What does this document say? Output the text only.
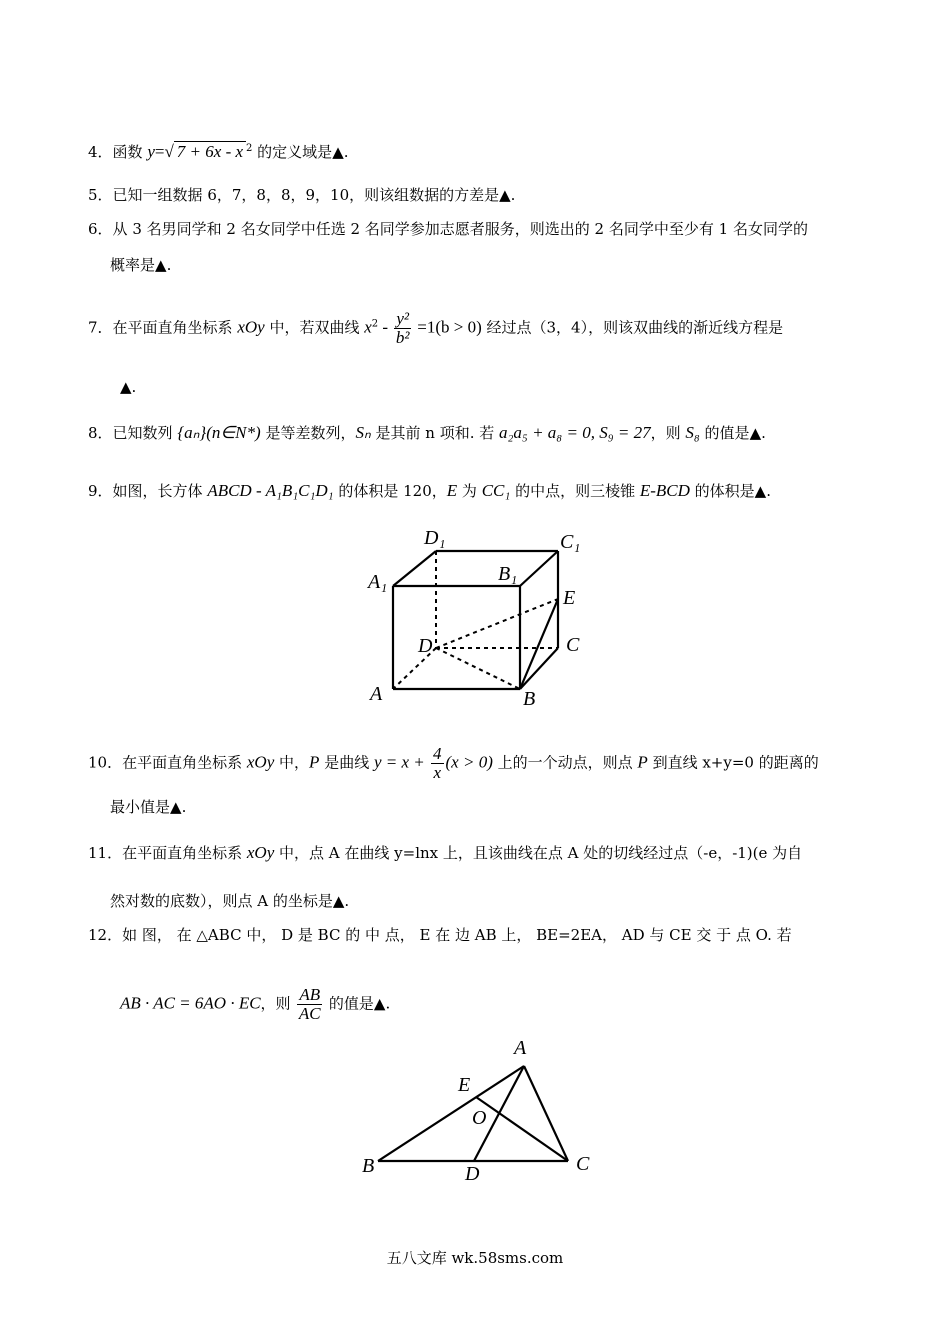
4．函数 y=√ 7 + 6x - x $^2$ 的定义域是▲.
5．已知一组数据 6，7，8，8，9，10，则该组数据的方差是▲.
6．从 3 名男同学和 2 名女同学中任选 2 名同学参加志愿者服务，则选出的 2 名同学中至少有 1 名女同学的
概率是▲.
7．在平面直角坐标系 xOy 中，若双曲线 $x^2 - \frac{\text{y²}}{\text{b²}} =1(b > 0)$ 经过点（3，4），则该双曲线的渐近线方程是
▲.
8．已知数列 {aₙ}(n∈N*) 是等差数列，Sₙ 是其前 n 项和. 若 a₂a₅ + a₈ = 0, S₉ = 27，则 S₈ 的值是▲.
9．如图，长方体 ABCD - A₁B₁C₁D₁ 的体积是 120，E 为 CC₁ 的中点，则三棱锥 E-BCD 的体积是▲.
D₁	C₁
A₁	B₁
E
D	C
A	B
10．在平面直角坐标系 xOy 中，P 是曲线 $y = x + \frac{4}{x} (x > 0)$ 上的一个动点，则点 P 到直线 x+y=0 的距离的
最小值是▲.
11．在平面直角坐标系 xOy 中，点 A 在曲线 y=lnx 上，且该曲线在点 A 处的切线经过点（-e，-1)(e 为自
然对数的底数），则点 A 的坐标是▲.
12．如 图， 在 △ABC 中， D 是 BC 的 中 点， E 在 边 AB 上， BE=2EA， AD 与 CE 交 于 点 O. 若
AB · AC = 6AO · EC，则 $\frac{AB}{AC}$ 的值是▲.
A
E
O
B	D	C
五八文库 wk.58sms.com
